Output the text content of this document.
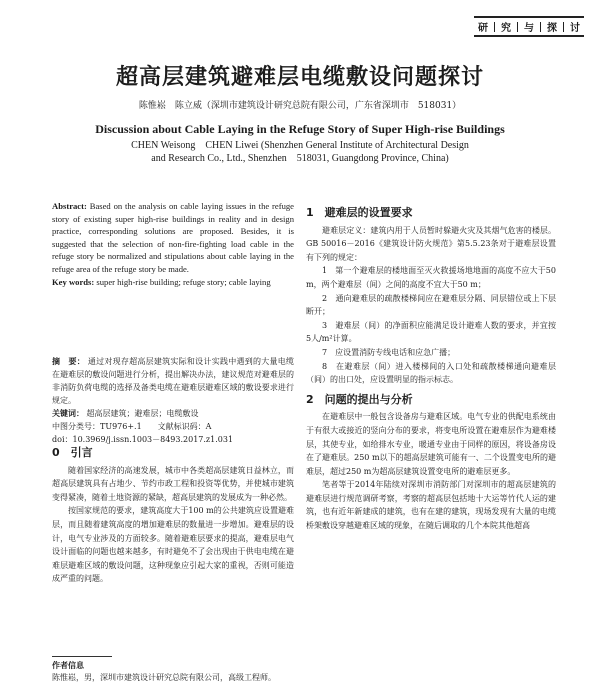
研 究 与 探 讨
超高层建筑避难层电缆敷设问题探讨
陈惟崧　陈立威（深圳市建筑设计研究总院有限公司，广东省深圳市　518031）
Discussion about Cable Laying in the Refuge Story of Super High-rise Buildings
CHEN Weisong　CHEN Liwei (Shenzhen General Institute of Architectural Design
and Research Co., Ltd., Shenzhen　518031, Guangdong Province, China)
Abstract: Based on the analysis on cable laying issues in the refuge story of existing super high-rise buildings in reality and in design practice, corresponding solutions are proposed. Besides, it is suggested that the selection of non-fire-fighting load cable in the refuge story be normalized and stipulations about cable laying in the refuge area of the refuge story be made.
Key words: super high-rise building; refuge story; cable laying
摘　要： 通过对现存超高层建筑实际和设计实践中遇到的大量电缆在避难层的敷设问题进行分析，提出解决办法，建议规范对避难层的非消防负荷电缆的选择及备类电缆在避难层避难区域的敷设要求进行规定。
关键词： 超高层建筑；避难层；电缆敷设
中图分类号：TU976+.1　　文献标识码：A
doi：10.3969/j.issn.1003－8493.2017.z1.031
0　引言

随着国家经济的高速发展，城市中各类超高层建筑日益林立，而超高层建筑具有占地少、节约市政工程和投资等优势，并使城市建筑变得紧凑，随着土地资源的紧缺，超高层建筑的发展成为一种必然。

按国家规范的要求，建筑高度大于100 m的公共建筑应设置避难层，而且随着建筑高度的增加避难层的数量进一步增加。避难层的设计，电气专业涉及的方面较多。随着避难层要求的提高，避难层电气设计面临的问题也越来越多，有时避免不了会出现由于供电电缆在避难层避难区域的敷设问题，这种现象应引起大家的重视，否则可能造成严重的问题。

1　避难层的设置要求

避难层定义：建筑内用于人员暂时躲避火灾及其烟气危害的楼层。GB 50016－2016《建筑设计防火规范》第5.5.23条对于避难层设置有下列的规定：

1　第一个避难层的楼地面至灭火救援场地地面的高度不应大于50 m，两个避难层（间）之间的高度不宜大于50 m；

2　通向避难层的疏散楼梯间应在避难层分隔、同层错位或上下层断开；

3　避难层（间）的净面积应能满足设计避难人数的要求，并宜按5人/m²计算。

7　应设置消防专线电话和应急广播；

8　在避难层（间）进入楼梯间的入口处和疏散楼梯通向避难层（间）的出口处，应设置明显的指示标志。

2　问题的提出与分析

在避难层中一般包含设备房与避难区域。电气专业的供配电系统由于有很大或接近的竖向分布的要求，将变电所设置在避难层作为避难楼层，其使专业，如给排水专业，暖通专业由于同样的原因，将设备房设在了避难层。250 m以下的超高层建筑可能有一、二个设置变电所的避难层，超过250 m为超高层建筑设置变电所的避难层更多。

笔者等于2014年陆续对深圳市消防部门对深圳市的超高层建筑的避难层进行规范调研考察，考察的超高层包括地十大运等竹代人运的建筑，也有近年新建成的建筑，也有在建的建筑，现场发现有大量的电缆桥架敷设穿越避难区域的现象，在随后调取的几个本院其他超高

作者信息
陈惟崧，男，深圳市建筑设计研究总院有限公司，高级工程师。
